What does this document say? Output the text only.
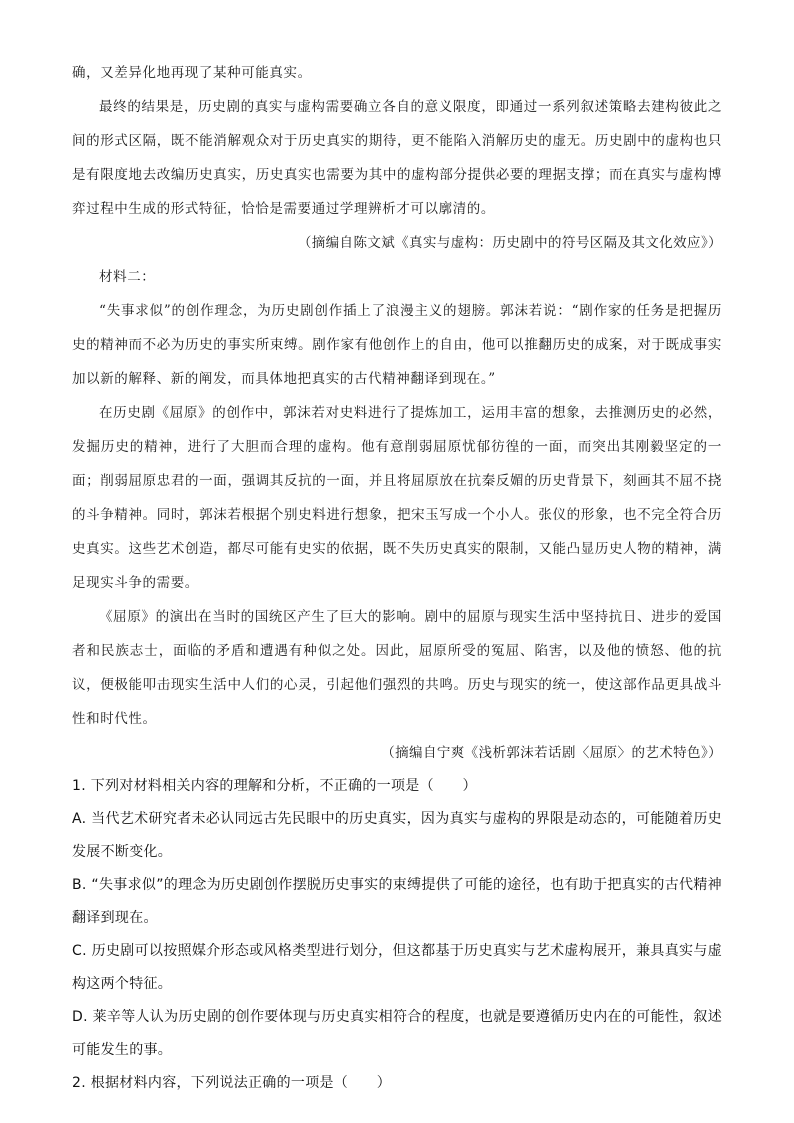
确，又差异化地再现了某种可能真实。

最终的结果是，历史剧的真实与虚构需要确立各自的意义限度，即通过一系列叙述策略去建构彼此之间的形式区隔，既不能消解观众对于历史真实的期待，更不能陷入消解历史的虚无。历史剧中的虚构也只是有限度地去改编历史真实，历史真实也需要为其中的虚构部分提供必要的理据支撑；而在真实与虚构博弈过程中生成的形式特征，恰恰是需要通过学理辨析才可以廓清的。

（摘编自陈文斌《真实与虚构：历史剧中的符号区隔及其文化效应》）

材料二：

“失事求似”的创作理念，为历史剧创作插上了浪漫主义的翅膀。郭沫若说：“剧作家的任务是把握历史的精神而不必为历史的事实所束缚。剧作家有他创作上的自由，他可以推翻历史的成案，对于既成事实加以新的解释、新的阐发，而具体地把真实的古代精神翻译到现在。”

在历史剧《屈原》的创作中，郭沫若对史料进行了提炼加工，运用丰富的想象，去推测历史的必然，发掘历史的精神，进行了大胆而合理的虚构。他有意削弱屈原忧郁彷徨的一面，而突出其刚毅坚定的一面；削弱屈原忠君的一面，强调其反抗的一面，并且将屈原放在抗秦反媚的历史背景下，刻画其不屈不挠的斗争精神。同时，郭沫若根据个别史料进行想象，把宋玉写成一个小人。张仪的形象，也不完全符合历史真实。这些艺术创造，都尽可能有史实的依据，既不失历史真实的限制，又能凸显历史人物的精神，满足现实斗争的需要。

《屈原》的演出在当时的国统区产生了巨大的影响。剧中的屈原与现实生活中坚持抗日、进步的爱国者和民族志士，面临的矛盾和遭遇有种似之处。因此，屈原所受的冤屈、陷害，以及他的愤怒、他的抗议，便极能叩击现实生活中人们的心灵，引起他们强烈的共鸣。历史与现实的统一，使这部作品更具战斗性和时代性。

（摘编自宁爽《浅析郭沫若话剧〈屈原〉的艺术特色》）

1. 下列对材料相关内容的理解和分析，不正确的一项是（　　）

A. 当代艺术研究者未必认同远古先民眼中的历史真实，因为真实与虚构的界限是动态的，可能随着历史发展不断变化。

B. “失事求似”的理念为历史剧创作摆脱历史事实的束缚提供了可能的途径，也有助于把真实的古代精神翻译到现在。

C. 历史剧可以按照媒介形态或风格类型进行划分，但这都基于历史真实与艺术虚构展开，兼具真实与虚构这两个特征。

D. 莱辛等人认为历史剧的创作要体现与历史真实相符合的程度，也就是要遵循历史内在的可能性，叙述可能发生的事。

2. 根据材料内容，下列说法正确的一项是（　　）
